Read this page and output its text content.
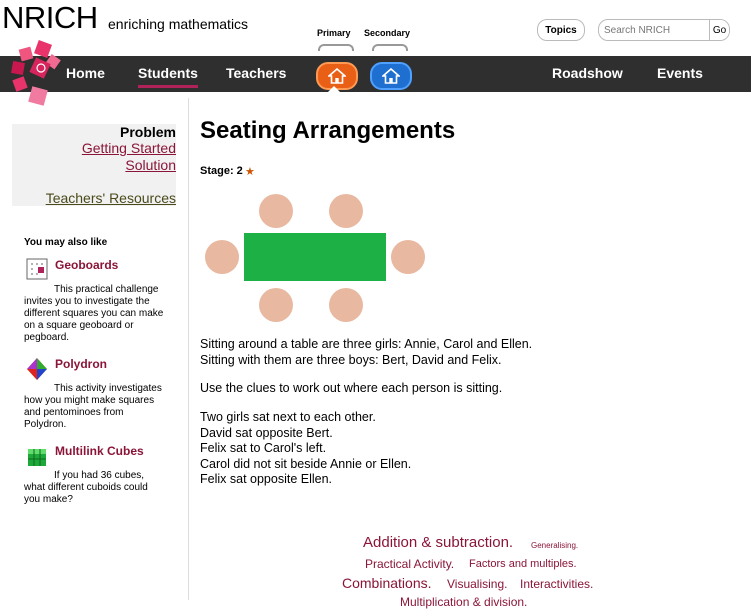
NRICH enriching mathematics	Topics
Search NRICH	Go
Primary Secondary
Home Students Teachers	Roadshow Events
Problem
Getting Started
Solution
Teachers' Resources
You may also like
Geoboards
This practical challenge invites you to investigate the different squares you can make on a square geoboard or pegboard.
Polydron
This activity investigates how you might make squares and pentominoes from Polydron.
Multilink Cubes
If you had 36 cubes, what different cuboids could you make?
Seating Arrangements
Stage: 2 ★
Sitting around a table are three girls: Annie, Carol and Ellen.
Sitting with them are three boys: Bert, David and Felix.
Use the clues to work out where each person is sitting.
Two girls sat next to each other.
David sat opposite Bert.
Felix sat to Carol's left.
Carol did not sit beside Annie or Ellen.
Felix sat opposite Ellen.
Addition & subtraction. Generalising.
Practical Activity. Factors and multiples.
Combinations. Visualising. Interactivities.
Multiplication & division.
